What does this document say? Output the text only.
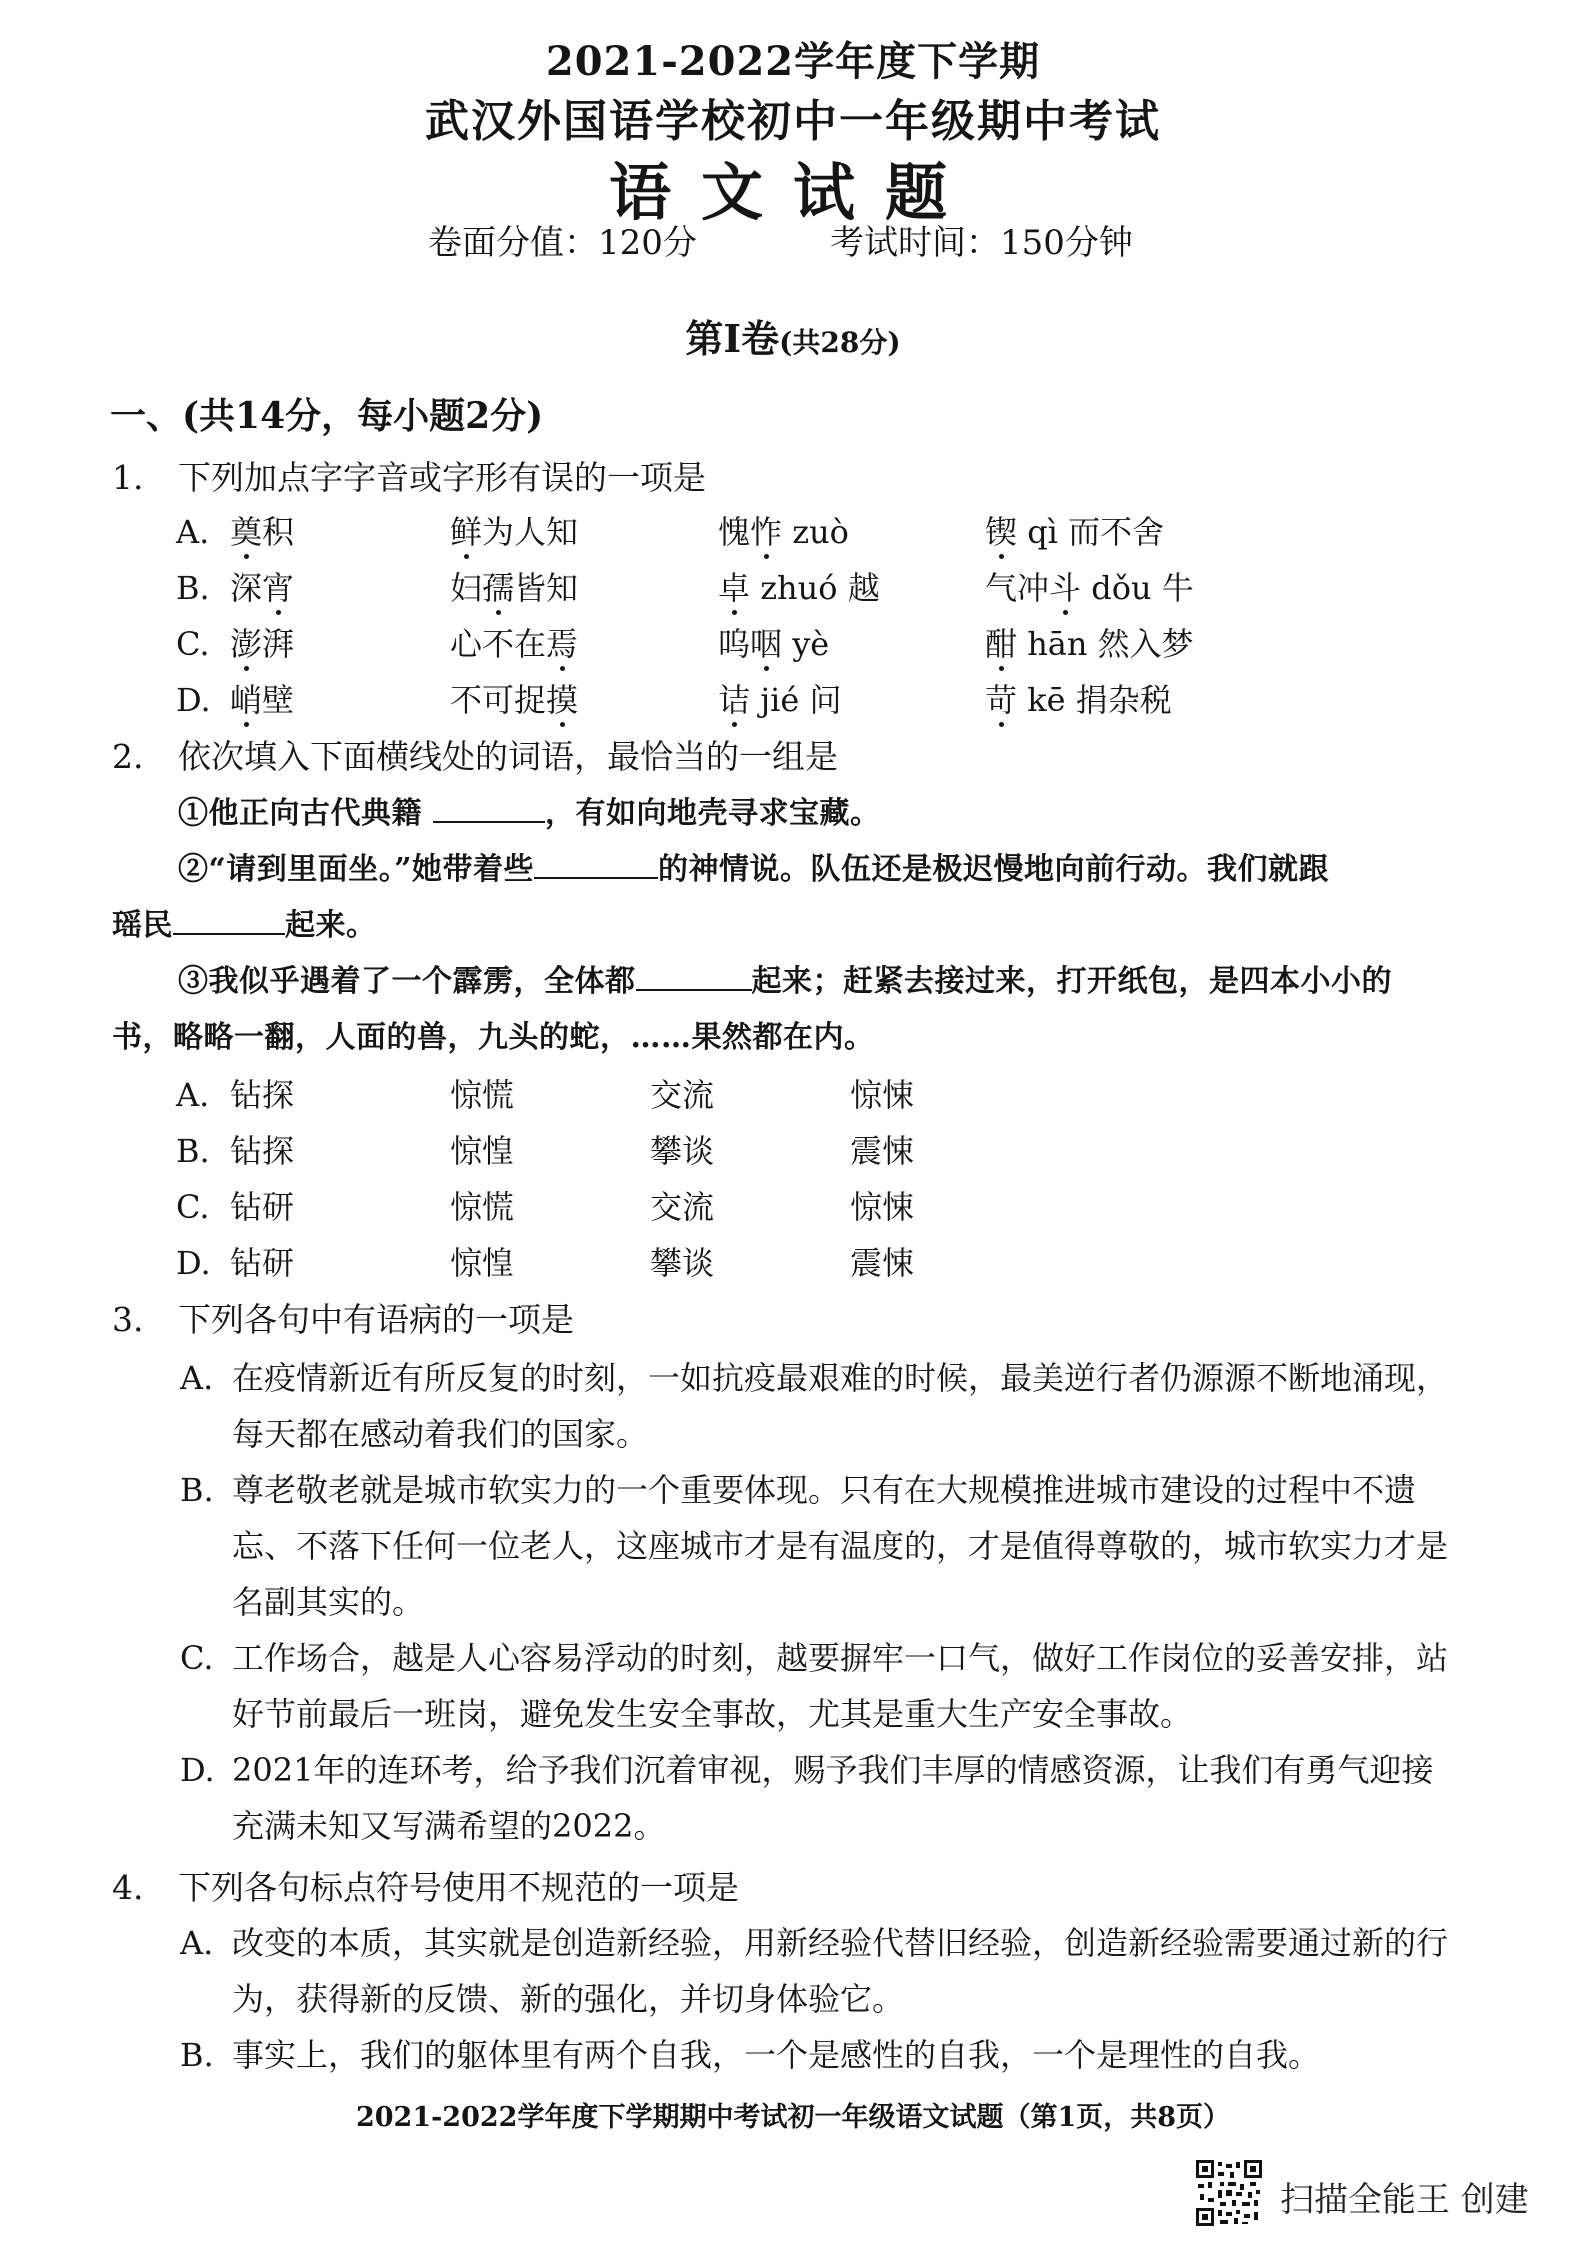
2021-2022学年度下学期
武汉外国语学校初中一年级期中考试
语文试题
卷面分值：120分	考试时间：150分钟
第Ⅰ卷(共28分)
一、(共14分，每小题2分)
1. 下列加点字字音或字形有误的一项是
A. 奠积	鲜为人知	愧怍 zuò	锲 qì 而不舍
B. 深宵	妇孺皆知	卓 zhuó 越	气冲斗 dǒu 牛
C. 澎湃	心不在焉	呜咽 yè	酣 hān 然入梦
D. 峭壁	不可捉摸	诘 jié 问	苛 kē 捐杂税
2. 依次填入下面横线处的词语，最恰当的一组是
①他正向古代典籍	，有如向地壳寻求宝藏。
②“请到里面坐。”她带着些	的神情说。队伍还是极迟慢地向前行动。我们就跟
瑶民	起来。
③我似乎遇着了一个霹雳，全体都	起来；赶紧去接过来，打开纸包，是四本小小的
书，略略一翻，人面的兽，九头的蛇，……果然都在内。
A. 钻探	惊慌	交流	惊悚
B. 钻探	惊惶	攀谈	震悚
C. 钻研	惊慌	交流	惊悚
D. 钻研	惊惶	攀谈	震悚
3. 下列各句中有语病的一项是
A. 在疫情新近有所反复的时刻，一如抗疫最艰难的时候，最美逆行者仍源源不断地涌现，
每天都在感动着我们的国家。
B. 尊老敬老就是城市软实力的一个重要体现。只有在大规模推进城市建设的过程中不遗
忘、不落下任何一位老人，这座城市才是有温度的，才是值得尊敬的，城市软实力才是
名副其实的。
C. 工作场合，越是人心容易浮动的时刻，越要摒牢一口气，做好工作岗位的妥善安排，站
好节前最后一班岗，避免发生安全事故，尤其是重大生产安全事故。
D. 2021年的连环考，给予我们沉着审视，赐予我们丰厚的情感资源，让我们有勇气迎接
充满未知又写满希望的2022。
4. 下列各句标点符号使用不规范的一项是
A. 改变的本质，其实就是创造新经验，用新经验代替旧经验，创造新经验需要通过新的行
为，获得新的反馈、新的强化，并切身体验它。
B. 事实上，我们的躯体里有两个自我，一个是感性的自我，一个是理性的自我。
2021-2022学年度下学期期中考试初一年级语文试题（第1页，共8页）
扫描全能王 创建
